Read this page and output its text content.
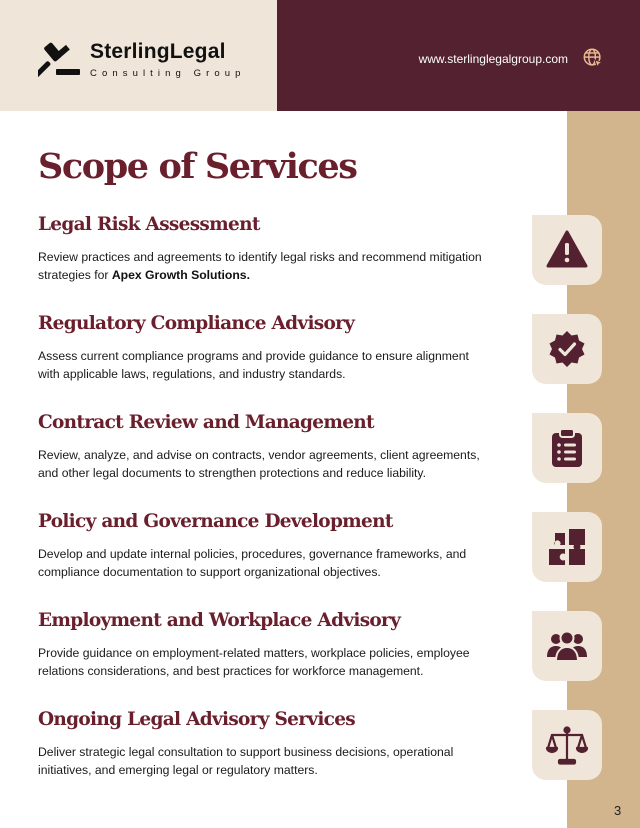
SterlingLegal
Consulting Group
www.sterlinglegalgroup.com
Scope of Services
Legal Risk Assessment
Review practices and agreements to identify legal risks and recommend mitigation strategies for Apex Growth Solutions.
Regulatory Compliance Advisory
Assess current compliance programs and provide guidance to ensure alignment with applicable laws, regulations, and industry standards.
Contract Review and Management
Review, analyze, and advise on contracts, vendor agreements, client agreements, and other legal documents to strengthen protections and reduce liability.
Policy and Governance Development
Develop and update internal policies, procedures, governance frameworks, and compliance documentation to support organizational objectives.
Employment and Workplace Advisory
Provide guidance on employment-related matters, workplace policies, employee relations considerations, and best practices for workforce management.
Ongoing Legal Advisory Services
Deliver strategic legal consultation to support business decisions, operational initiatives, and emerging legal or regulatory matters.
3
